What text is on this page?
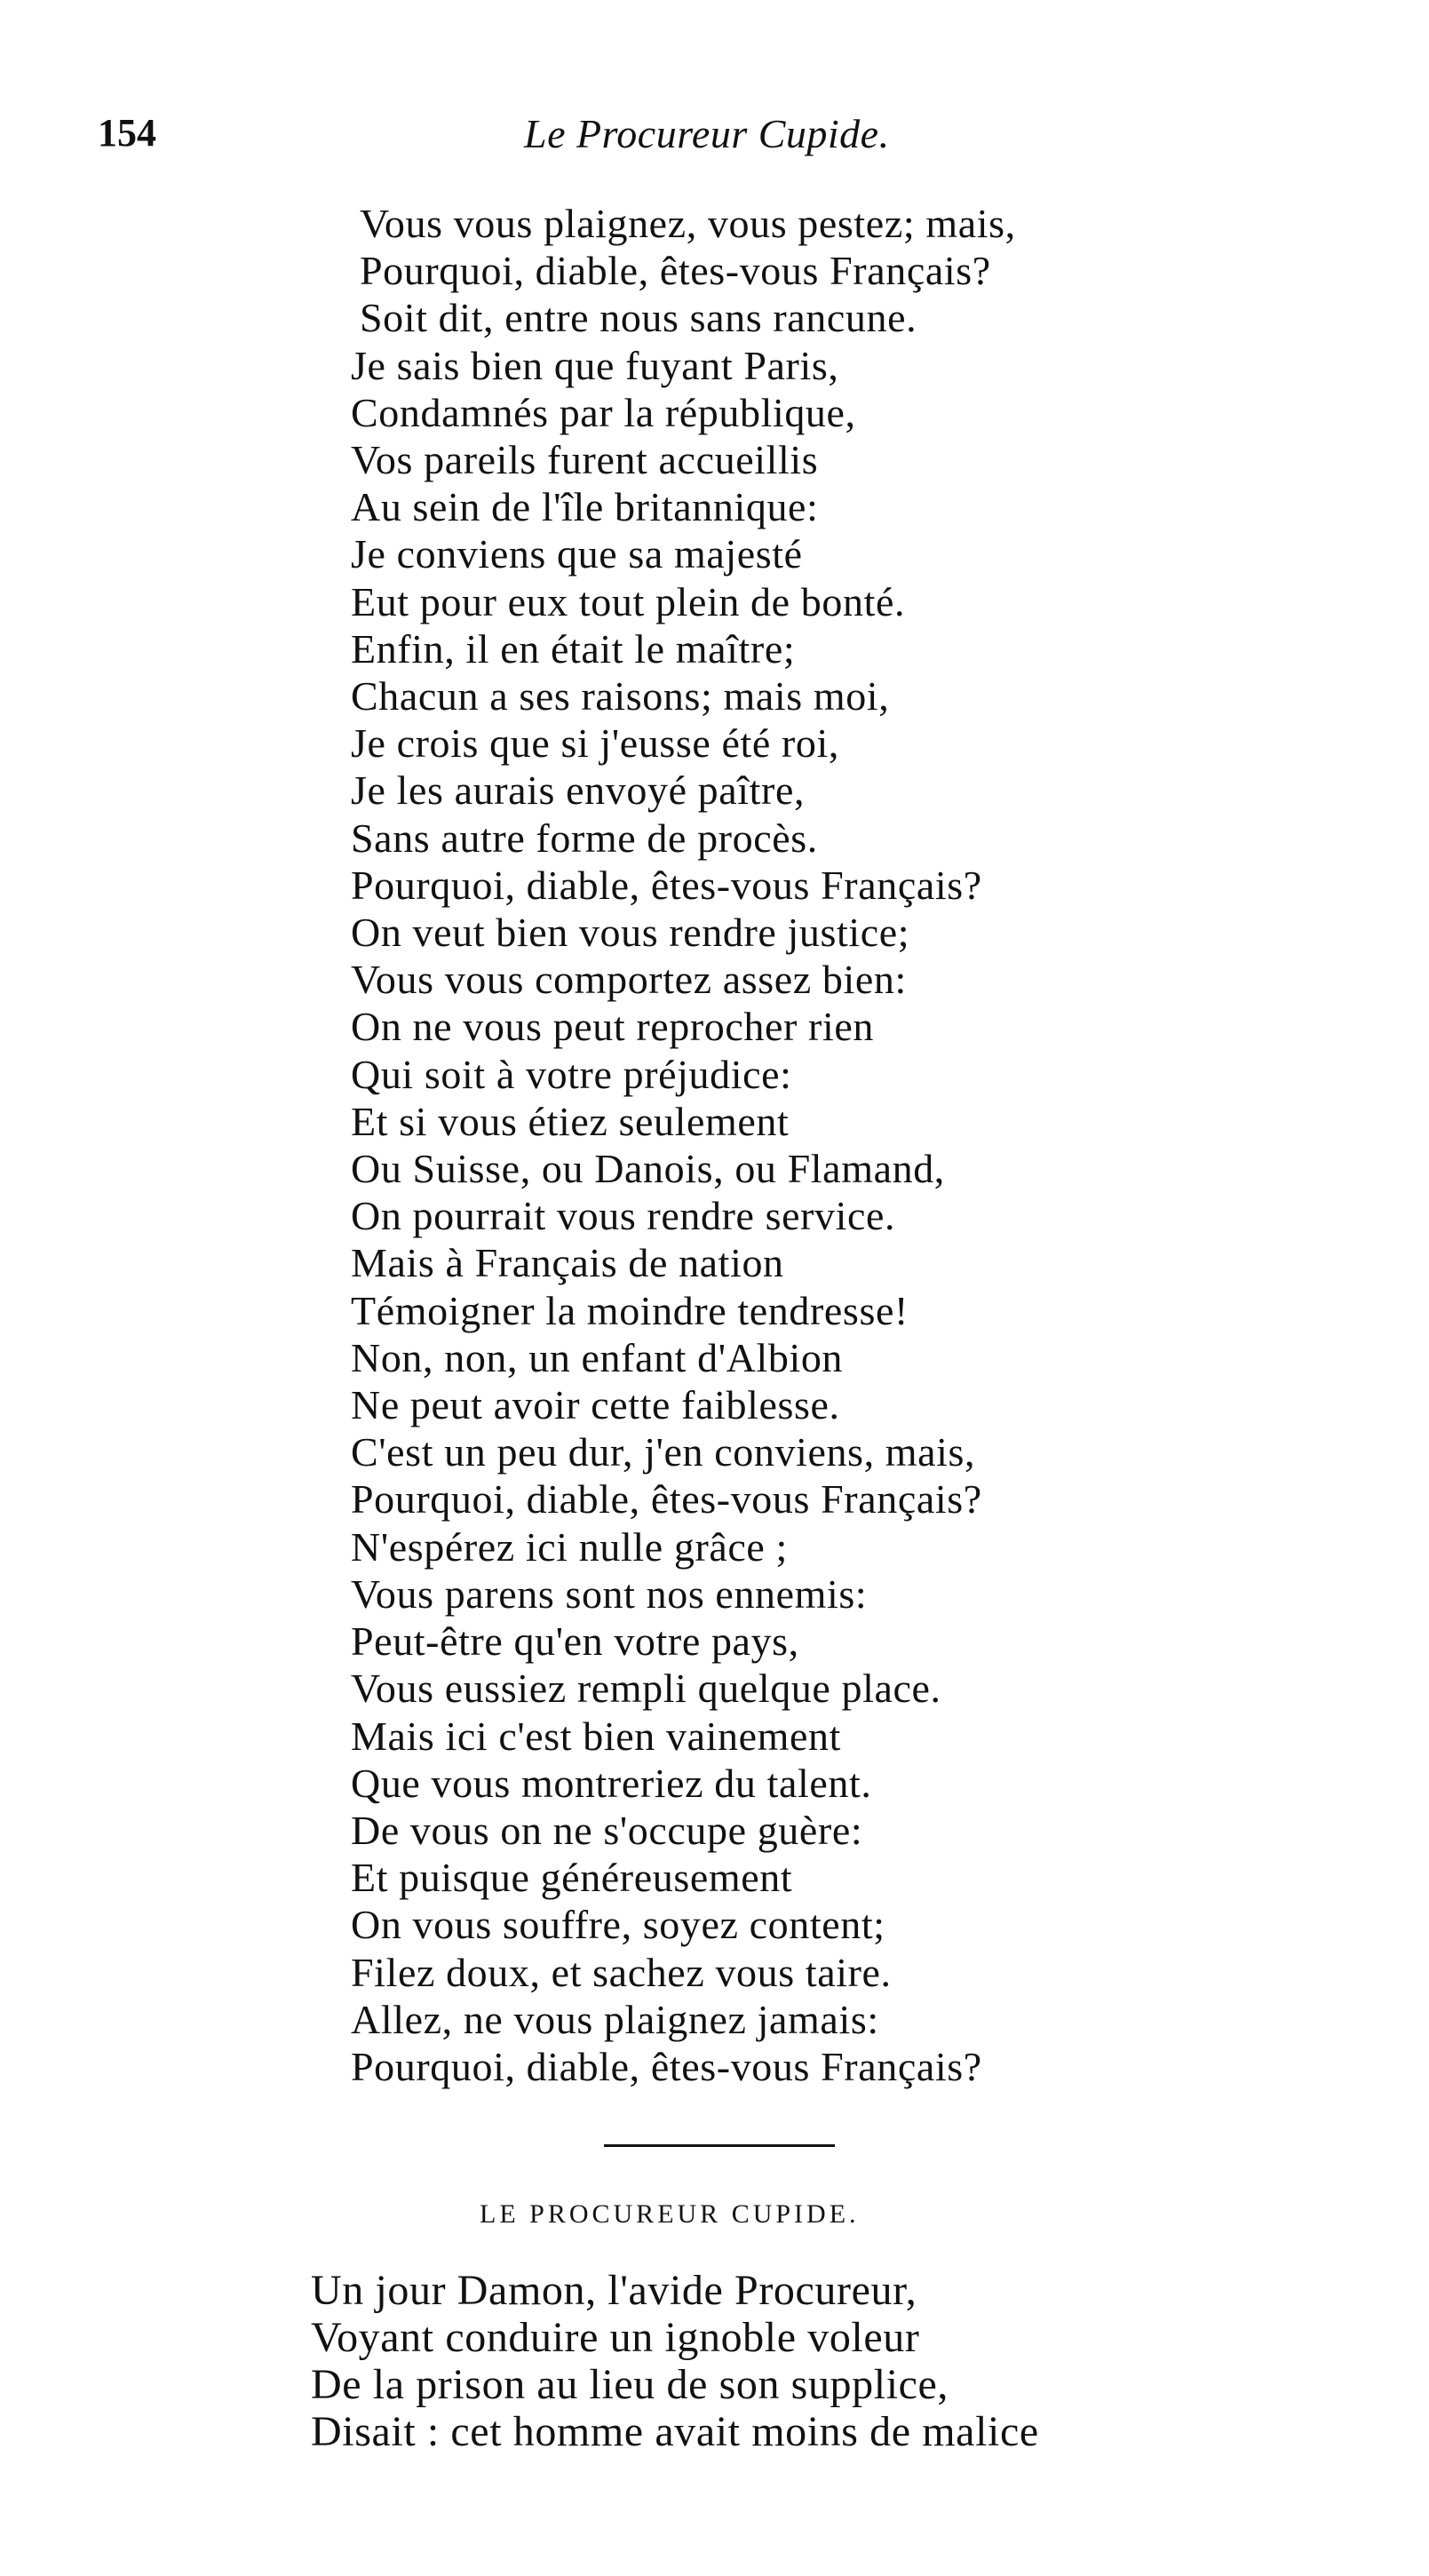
154	Le Procureur Cupide.
Vous vous plaignez, vous pestez; mais,
Pourquoi, diable, êtes-vous Français?
Soit dit, entre nous sans rancune.
Je sais bien que fuyant Paris,
Condamnés par la république,
Vos pareils furent accueillis
Au sein de l'île britannique:
Je conviens que sa majesté
Eut pour eux tout plein de bonté.
Enfin, il en était le maître;
Chacun a ses raisons; mais moi,
Je crois que si j'eusse été roi,
Je les aurais envoyé paître,
Sans autre forme de procès.
Pourquoi, diable, êtes-vous Français?
On veut bien vous rendre justice;
Vous vous comportez assez bien:
On ne vous peut reprocher rien
Qui soit à votre préjudice:
Et si vous étiez seulement
Ou Suisse, ou Danois, ou Flamand,
On pourrait vous rendre service.
Mais à Français de nation
Témoigner la moindre tendresse!
Non, non, un enfant d'Albion
Ne peut avoir cette faiblesse.
C'est un peu dur, j'en conviens, mais,
Pourquoi, diable, êtes-vous Français?
N'espérez ici nulle grâce ;
Vous parens sont nos ennemis:
Peut-être qu'en votre pays,
Vous eussiez rempli quelque place.
Mais ici c'est bien vainement
Que vous montreriez du talent.
De vous on ne s'occupe guère:
Et puisque généreusement
On vous souffre, soyez content;
Filez doux, et sachez vous taire.
Allez, ne vous plaignez jamais:
Pourquoi, diable, êtes-vous Français?
LE PROCUREUR CUPIDE.
Un jour Damon, l'avide Procureur,
Voyant conduire un ignoble voleur
De la prison au lieu de son supplice,
Disait : cet homme avait moins de malice
